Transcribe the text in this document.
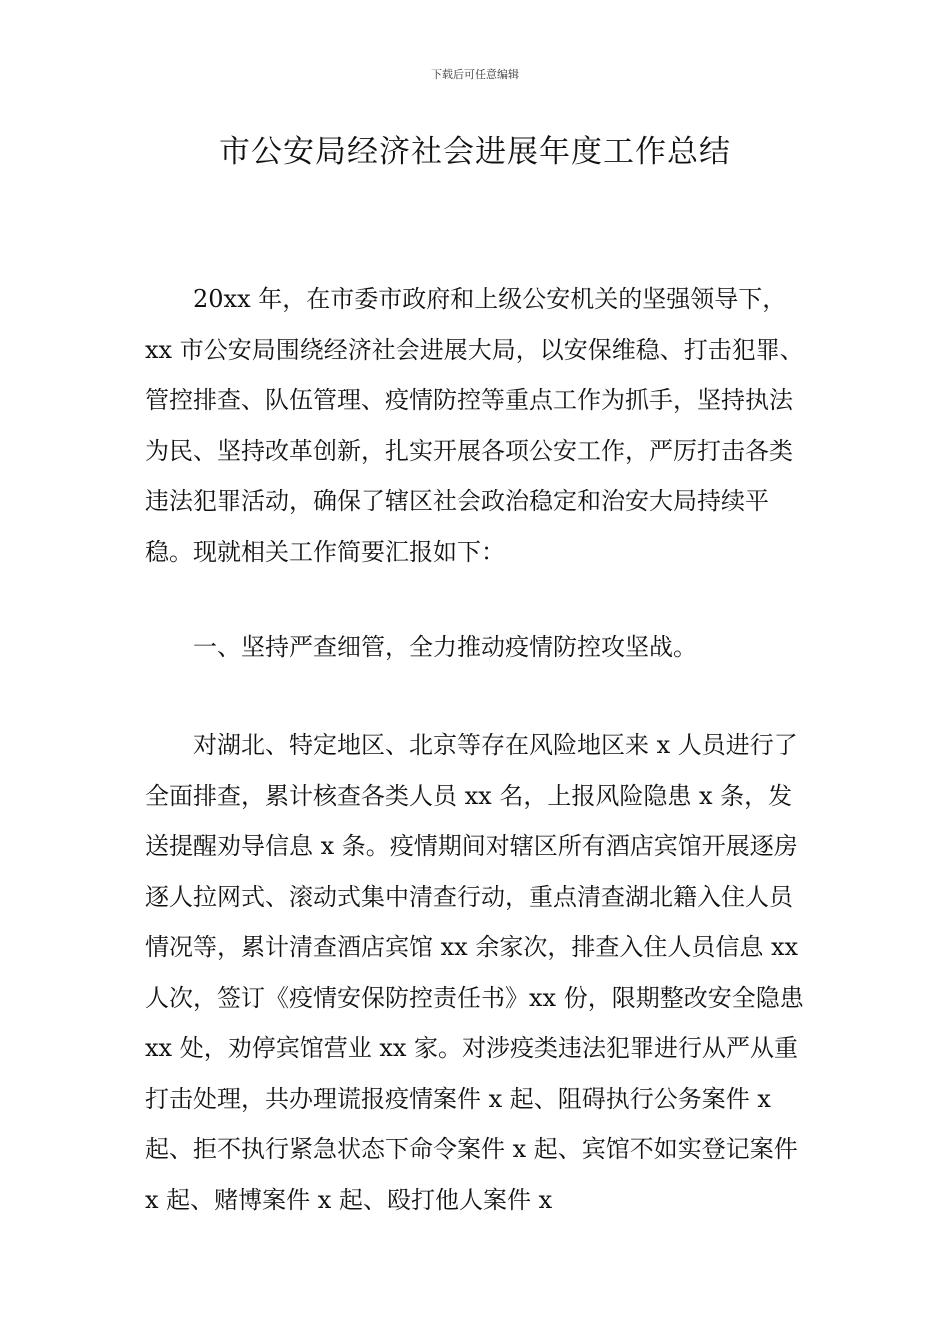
下载后可任意编辑
市公安局经济社会进展年度工作总结

20xx 年，在市委市政府和上级公安机关的坚强领导下，xx 市公安局围绕经济社会进展大局，以安保维稳、打击犯罪、管控排查、队伍管理、疫情防控等重点工作为抓手，坚持执法为民、坚持改革创新，扎实开展各项公安工作，严厉打击各类违法犯罪活动，确保了辖区社会政治稳定和治安大局持续平稳。现就相关工作简要汇报如下：

一、坚持严查细管，全力推动疫情防控攻坚战。

对湖北、特定地区、北京等存在风险地区来 x 人员进行了全面排查，累计核查各类人员 xx 名，上报风险隐患 x 条，发送提醒劝导信息 x 条。疫情期间对辖区所有酒店宾馆开展逐房逐人拉网式、滚动式集中清查行动，重点清查湖北籍入住人员情况等，累计清查酒店宾馆 xx 余家次，排查入住人员信息 xx 人次，签订《疫情安保防控责任书》xx 份，限期整改安全隐患 xx 处，劝停宾馆营业 xx 家。对涉疫类违法犯罪进行从严从重打击处理，共办理谎报疫情案件 x 起、阻碍执行公务案件 x 起、拒不执行紧急状态下命令案件 x 起、宾馆不如实登记案件 x 起、赌博案件 x 起、殴打他人案件 x
